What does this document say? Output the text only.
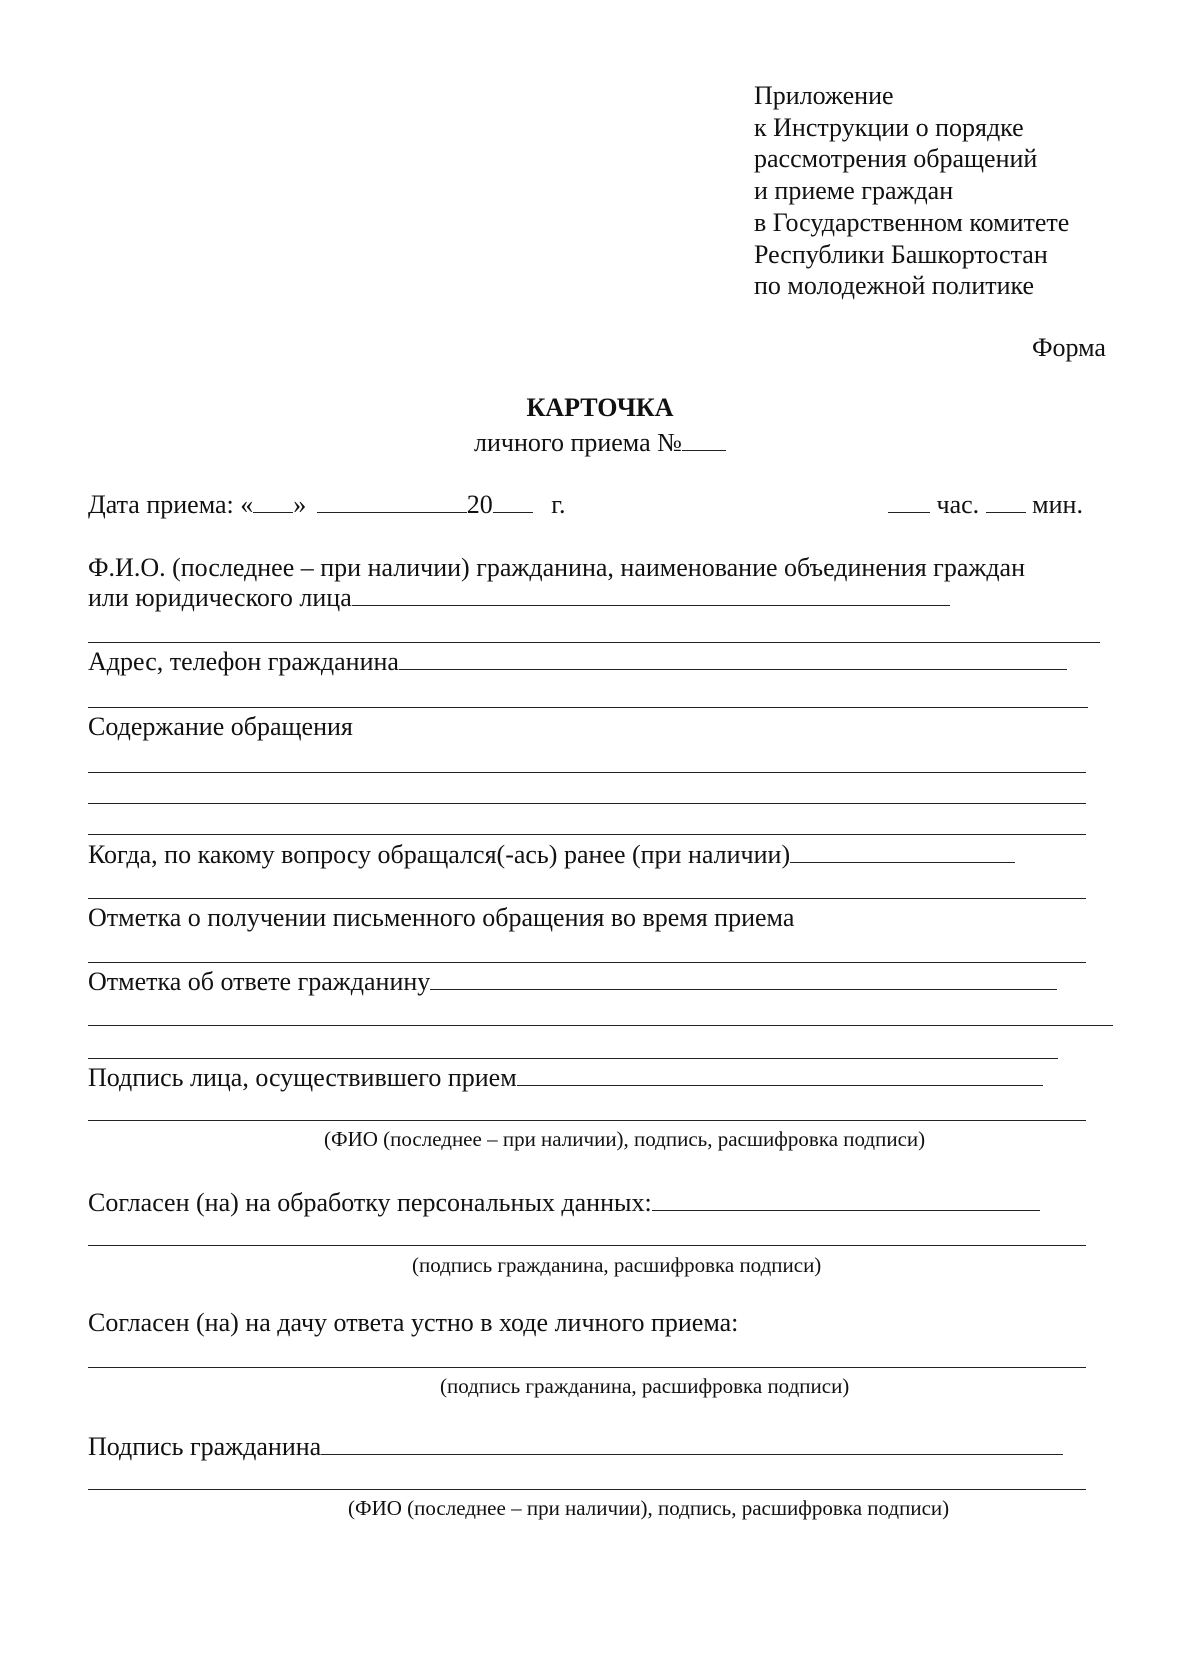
Приложение
к Инструкции о порядке
рассмотрения обращений
и приеме граждан
в Государственном комитете
Республики Башкортостан
по молодежной политике
Форма
КАРТОЧКА
личного приема №
Дата приема: « »	20 г.	час. мин.
Ф.И.О. (последнее – при наличии) гражданина, наименование объединения граждан
или юридического лица
Адрес, телефон гражданина
Содержание обращения
Когда, по какому вопросу обращался(-ась) ранее (при наличии)
Отметка о получении письменного обращения во время приема
Отметка об ответе гражданину
Подпись лица, осуществившего прием
(ФИО (последнее – при наличии), подпись, расшифровка подписи)
Согласен (на) на обработку персональных данных:
(подпись гражданина, расшифровка подписи)
Согласен (на) на дачу ответа устно в ходе личного приема:
(подпись гражданина, расшифровка подписи)
Подпись гражданина
(ФИО (последнее – при наличии), подпись, расшифровка подписи)
